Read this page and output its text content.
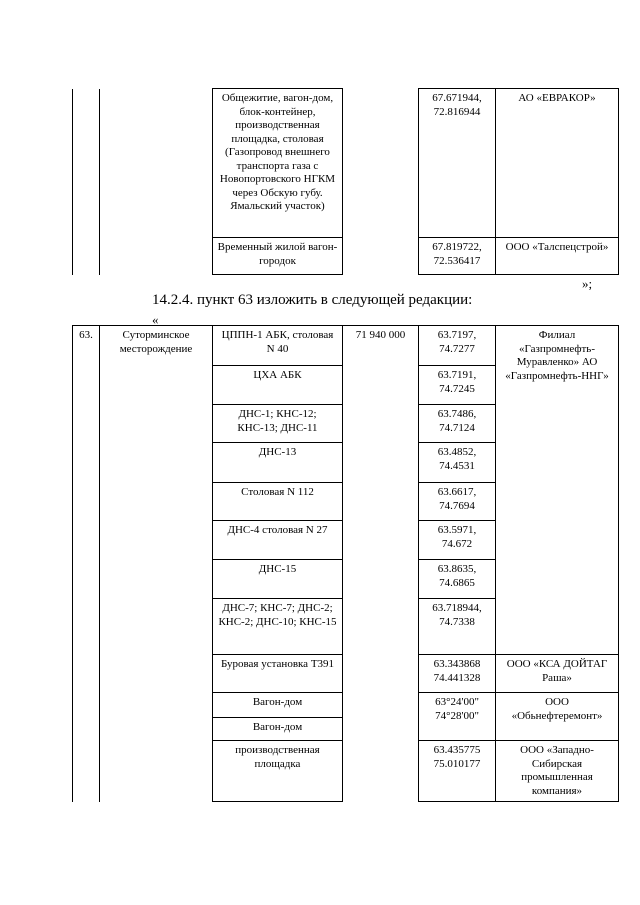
		Общежитие, вагон-дом, блок-контейнер, производственная площадка, столовая (Газопровод внешнего транспорта газа с Новопортовского НГКМ через Обскую губу. Ямальский участок)		67.671944, 72.816944	АО «ЕВРАКОР»
		Временный жилой вагон-городок		67.819722, 72.536417	ООО «Талспецстрой»
»;
14.2.4. пункт 63 изложить в следующей редакции:
«
63.	Суторминское месторождение	ЦППН-1 АБК, столовая N 40	71 940 000	63.7197, 74.7277	Филиал «Газпромнефть-Муравленко» АО «Газпромнефть-ННГ»
		ЦХА АБК		63.7191, 74.7245	
		ДНС-1; КНС-12; КНС-13; ДНС-11		63.7486, 74.7124	
		ДНС-13		63.4852, 74.4531	
		Столовая N 112		63.6617, 74.7694	
		ДНС-4 столовая N 27		63.5971, 74.672	
		ДНС-15		63.8635, 74.6865	
		ДНС-7; КНС-7; ДНС-2; КНС-2; ДНС-10; КНС-15		63.718944, 74.7338	
		Буровая установка Т391		63.343868 74.441328	ООО «КСА ДОЙТАГ Раша»
		Вагон-дом		63°24'00" 74°28'00"	ООО «Обьнефтеремонт»
		Вагон-дом			
		производственная площадка		63.435775 75.010177	ООО «Западно-Сибирская промышленная компания»
